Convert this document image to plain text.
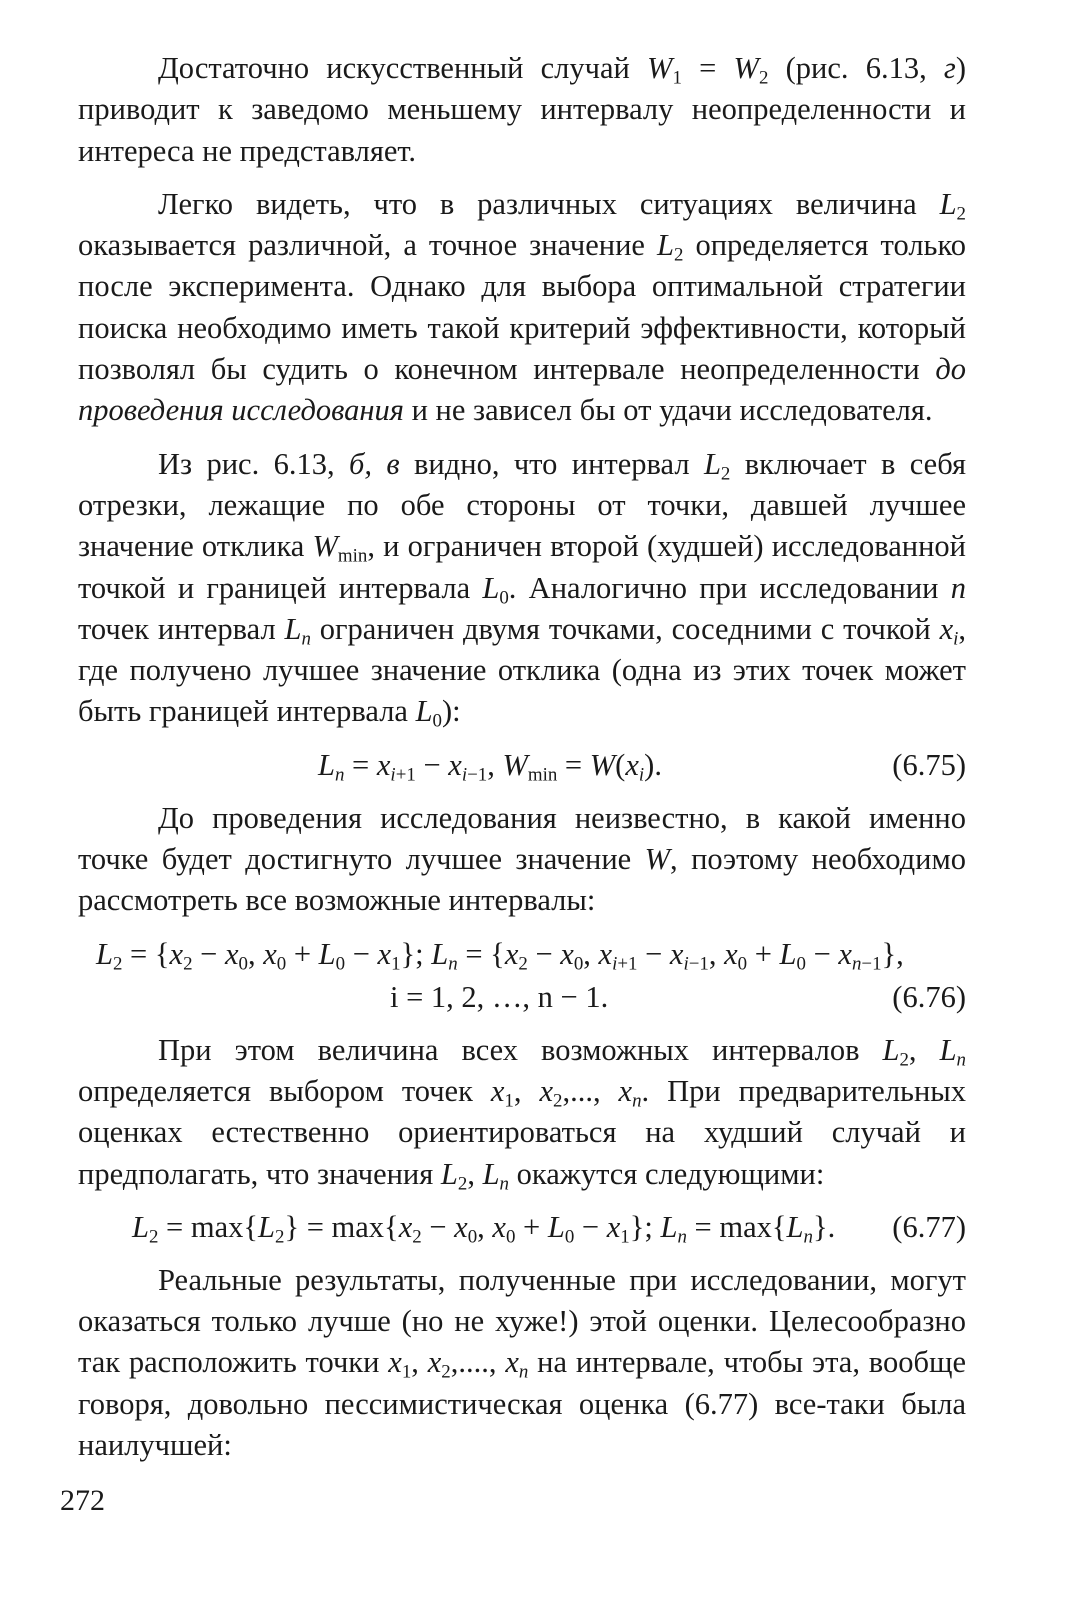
Достаточно искусственный случай $W_1 = W_2$ (рис. 6.13, г) приводит к заведомо меньшему интервалу неопределенности и интереса не представляет.

Легко видеть, что в различных ситуациях величина $L_2$ оказывается различной, а точное значение $L_2$ определяется только после эксперимента. Однако для выбора оптимальной стратегии поиска необходимо иметь такой критерий эффективности, который позволял бы судить о конечном интервале неопределенности до проведения исследования и не зависел бы от удачи исследователя.

Из рис. 6.13, б, в видно, что интервал $L_2$ включает в себя отрезки, лежащие по обе стороны от точки, давшей лучшее значение отклика $W_{min}$, и ограничен второй (худшей) исследованной точкой и границей интервала $L_0$. Аналогично при исследовании n точек интервал $L_n$ ограничен двумя точками, соседними с точкой $x_i$, где получено лучшее значение отклика (одна из этих точек может быть границей интервала $L_0$):

$L_n = x_{i+1} - x_{i-1}$, $W_{min} = W(x_i)$.	(6.75)

До проведения исследования неизвестно, в какой именно точке будет достигнуто лучшее значение W, поэтому необходимо рассмотреть все возможные интервалы:

$L_2 = \{x_2 - x_0$, $x_0 + L_0 - x_1$}; $L_n = \{x_2 - x_0$, $x_{i+1} - x_{i-1}$, $x_0 + L_0 - x_{n-1}$},
i = 1, 2, …, n − 1.	(6.76)

При этом величина всех возможных интервалов $L_2$, $L_n$ определяется выбором точек $x_1$, $x_2$,..., $x_n$. При предварительных оценках естественно ориентироваться на худший случай и предполагать, что значения $L_2$, $L_n$ окажутся следующими:

$L_2 = \max\{L_2\} = \max\{x_2 - x_0$, $x_0 + L_0 - x_1$}; $L_n = \max\{L_n\}$. (6.77)

Реальные результаты, полученные при исследовании, могут оказаться только лучше (но не хуже!) этой оценки. Целесообразно так расположить точки $x_1$, $x_2$,...., $x_n$ на интервале, чтобы эта, вообще говоря, довольно пессимистическая оценка (6.77) все-таки была наилучшей:

272
